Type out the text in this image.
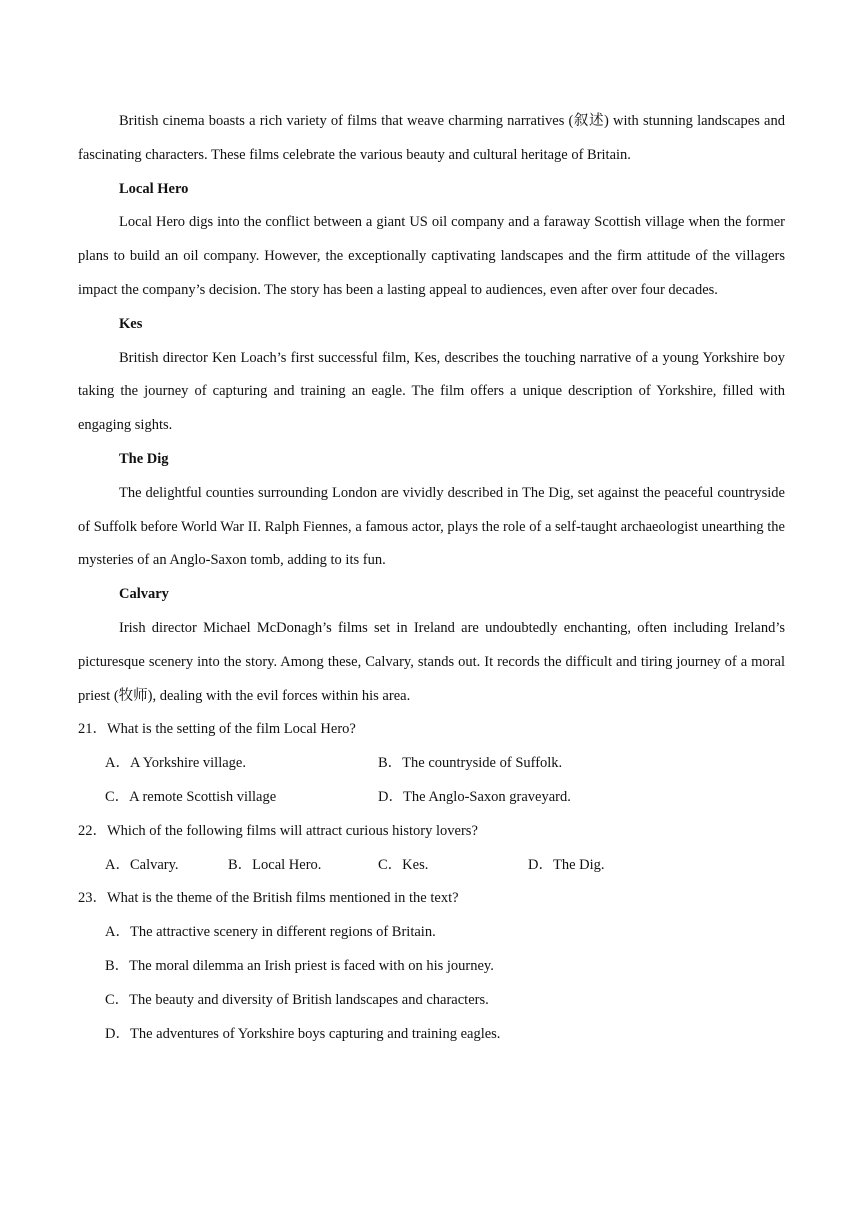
British cinema boasts a rich variety of films that weave charming narratives (叙述) with stunning landscapes and fascinating characters. These films celebrate the various beauty and cultural heritage of Britain.

Local Hero

Local Hero digs into the conflict between a giant US oil company and a faraway Scottish village when the former plans to build an oil company. However, the exceptionally captivating landscapes and the firm attitude of the villagers impact the company’s decision. The story has been a lasting appeal to audiences, even after over four decades.

Kes

British director Ken Loach’s first successful film, Kes, describes the touching narrative of a young Yorkshire boy taking the journey of capturing and training an eagle. The film offers a unique description of Yorkshire, filled with engaging sights.

The Dig

The delightful counties surrounding London are vividly described in The Dig, set against the peaceful countryside of Suffolk before World War II. Ralph Fiennes, a famous actor, plays the role of a self-taught archaeologist unearthing the mysteries of an Anglo-Saxon tomb, adding to its fun.

Calvary

Irish director Michael McDonagh’s films set in Ireland are undoubtedly enchanting, often including Ireland’s picturesque scenery into the story. Among these, Calvary, stands out. It records the difficult and tiring journey of a moral priest (牧师), dealing with the evil forces within his area.

21．What is the setting of the film Local Hero?

A．A Yorkshire village.	B．The countryside of Suffolk.
C．A remote Scottish village	D．The Anglo-Saxon graveyard.

22．Which of the following films will attract curious history lovers?

A．Calvary.	B．Local Hero.	C．Kes.	D．The Dig.

23．What is the theme of the British films mentioned in the text?

A．The attractive scenery in different regions of Britain.

B．The moral dilemma an Irish priest is faced with on his journey.

C．The beauty and diversity of British landscapes and characters.

D．The adventures of Yorkshire boys capturing and training eagles.
